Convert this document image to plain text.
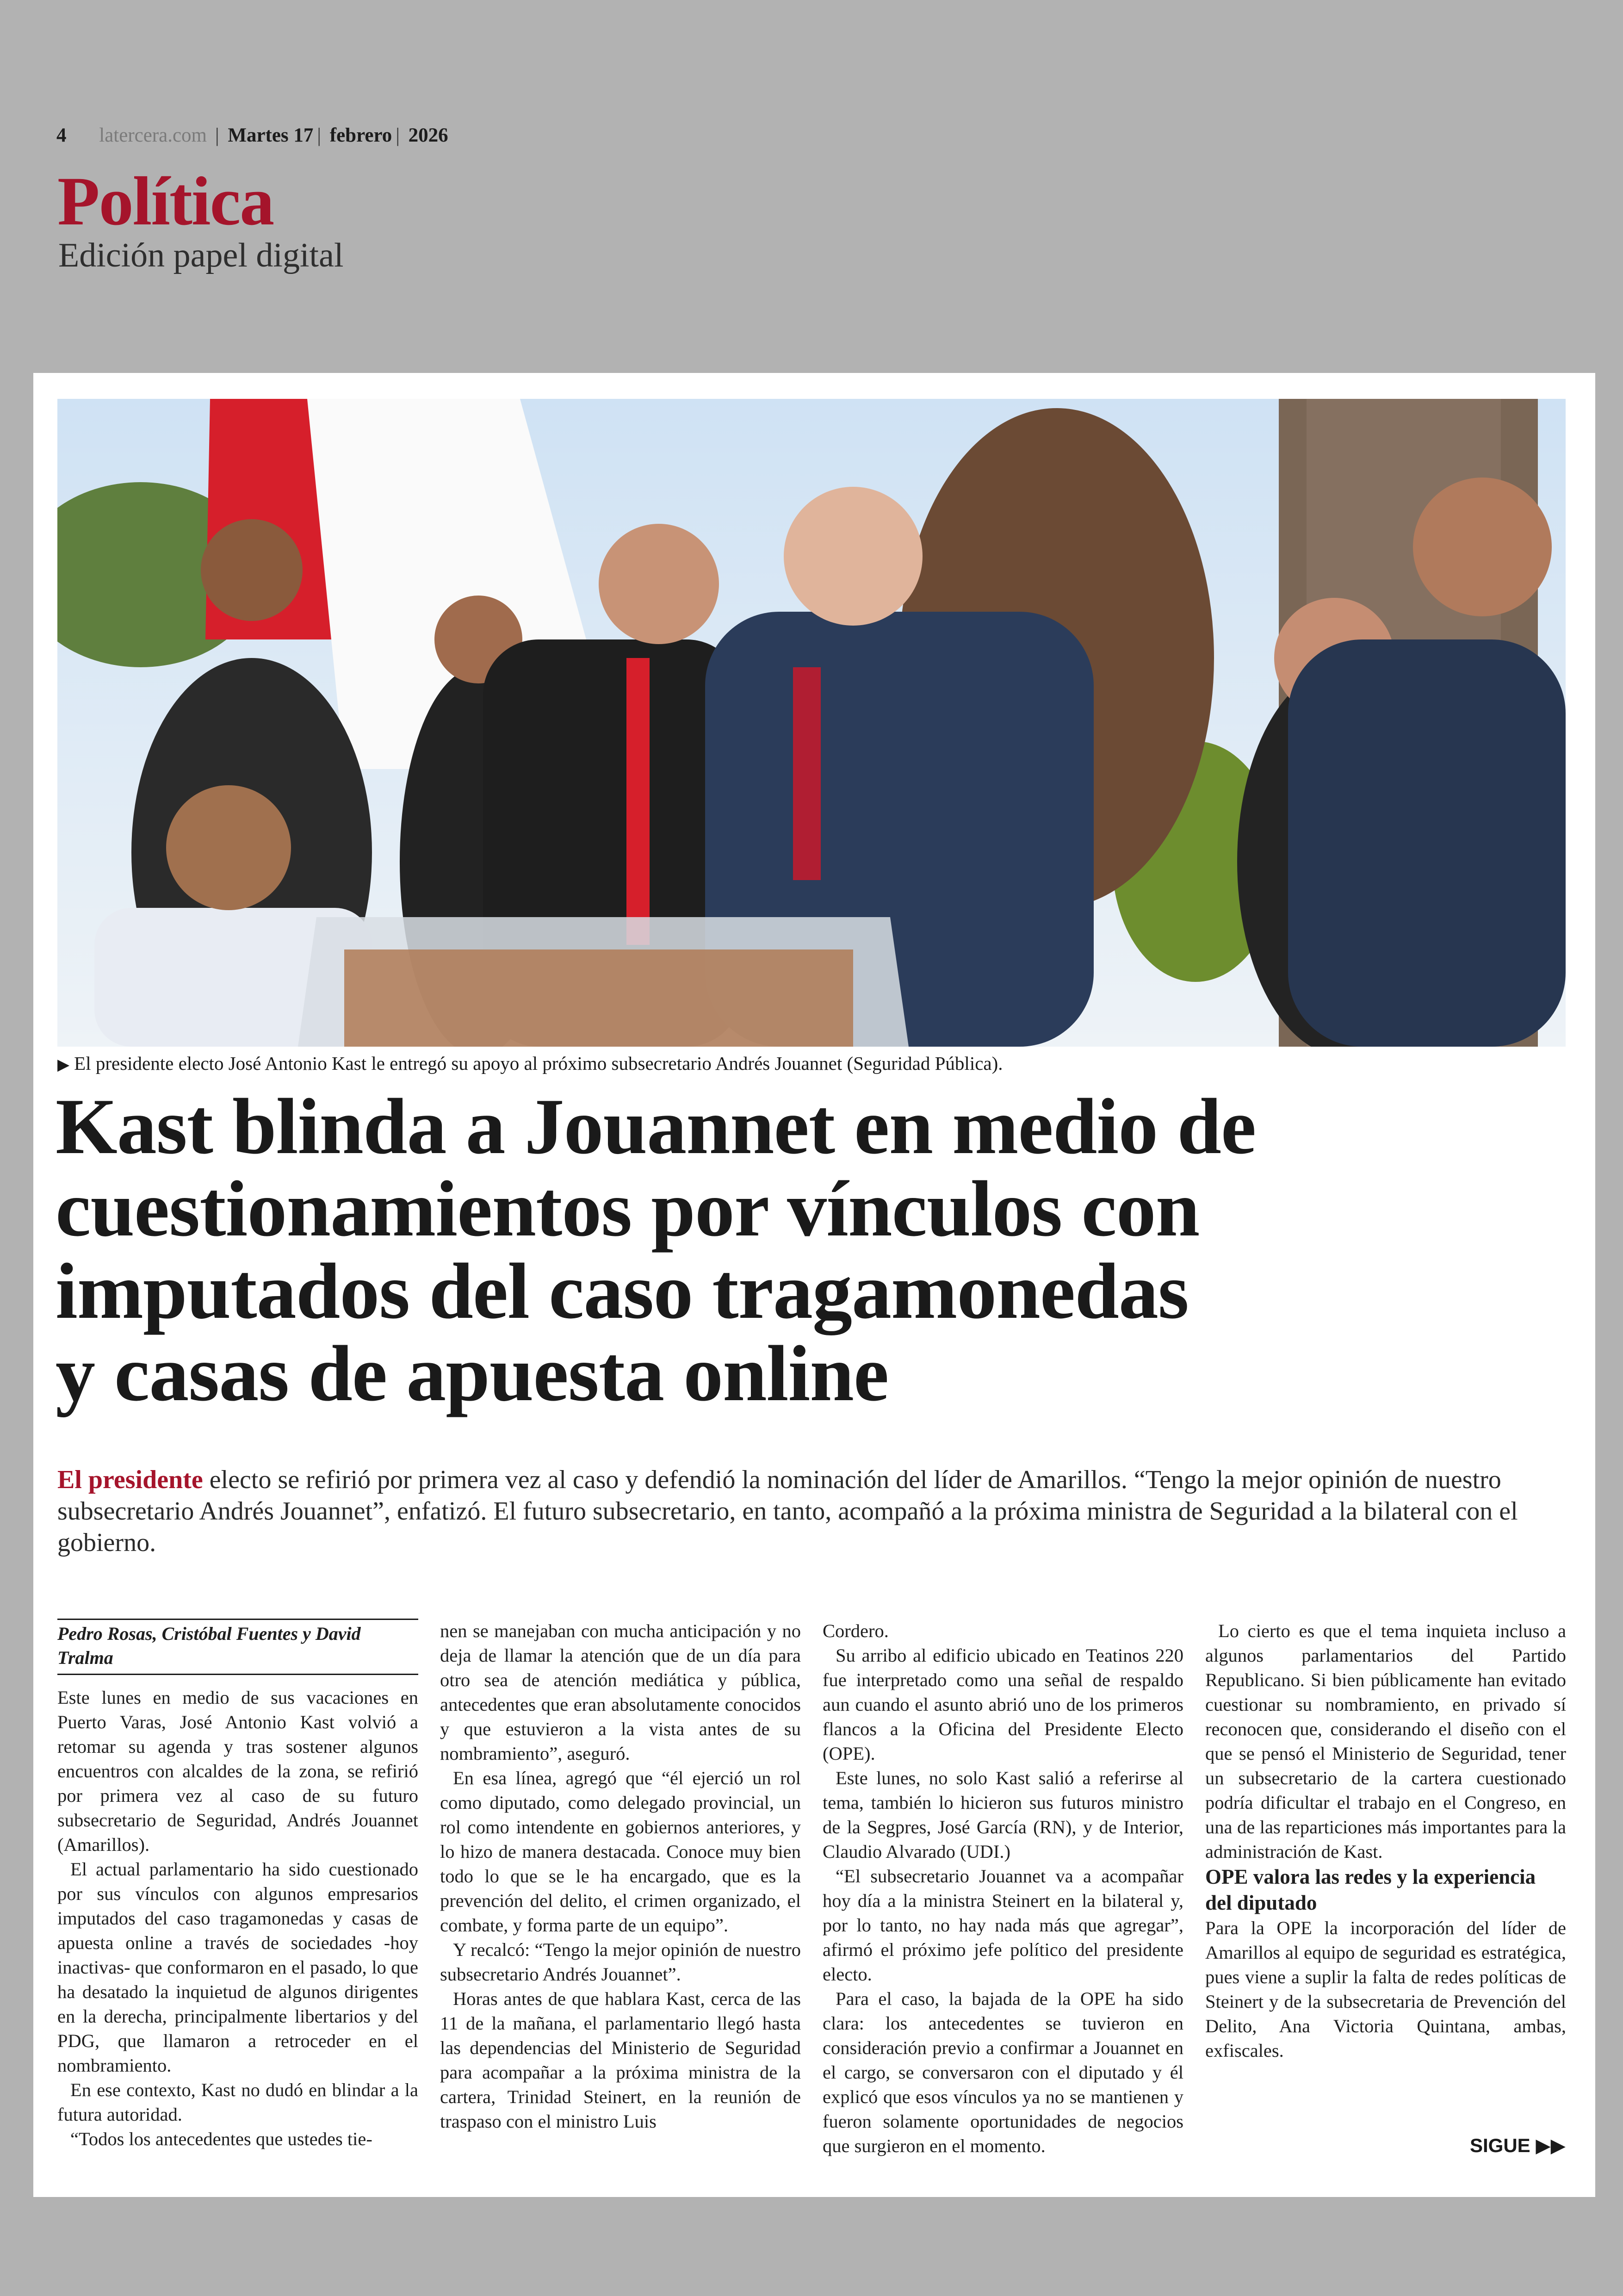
4 latercera.com | Martes 17 | febrero | 2026
Política
Edición papel digital
▶ El presidente electo José Antonio Kast le entregó su apoyo al próximo subsecretario Andrés Jouannet (Seguridad Pública).
Kast blinda a Jouannet en medio de
cuestionamientos por vínculos con
imputados del caso tragamonedas
y casas de apuesta online
El presidente electo se refirió por primera vez al caso y defendió la nominación del líder de Amarillos. “Tengo la mejor opinión de nuestro subsecretario Andrés Jouannet”, enfatizó. El futuro subsecretario, en tanto, acompañó a la próxima ministra de Seguridad a la bilateral con el gobierno.
Pedro Rosas, Cristóbal Fuentes y David Tralma

Este lunes en medio de sus vacaciones en Puerto Varas, José Antonio Kast volvió a retomar su agenda y tras sostener algunos encuentros con alcaldes de la zona, se refirió por primera vez al caso de su futuro subsecretario de Seguridad, Andrés Jouannet (Amarillos).

El actual parlamentario ha sido cuestionado por sus vínculos con algunos empresarios imputados del caso tragamonedas y casas de apuesta online a través de sociedades -hoy inactivas- que conformaron en el pasado, lo que ha desatado la inquietud de algunos dirigentes en la derecha, principalmente libertarios y del PDG, que llamaron a retroceder en el nombramiento.

En ese contexto, Kast no dudó en blindar a la futura autoridad.

“Todos los antecedentes que ustedes tie-

nen se manejaban con mucha anticipación y no deja de llamar la atención que de un día para otro sea de atención mediática y pública, antecedentes que eran absolutamente conocidos y que estuvieron a la vista antes de su nombramiento”, aseguró.

En esa línea, agregó que “él ejerció un rol como diputado, como delegado provincial, un rol como intendente en gobiernos anteriores, y lo hizo de manera destacada. Conoce muy bien todo lo que se le ha encargado, que es la prevención del delito, el crimen organizado, el combate, y forma parte de un equipo”.

Y recalcó: “Tengo la mejor opinión de nuestro subsecretario Andrés Jouannet”.

Horas antes de que hablara Kast, cerca de las 11 de la mañana, el parlamentario llegó hasta las dependencias del Ministerio de Seguridad para acompañar a la próxima ministra de la cartera, Trinidad Steinert, en la reunión de traspaso con el ministro Luis

Cordero.

Su arribo al edificio ubicado en Teatinos 220 fue interpretado como una señal de respaldo aun cuando el asunto abrió uno de los primeros flancos a la Oficina del Presidente Electo (OPE).

Este lunes, no solo Kast salió a referirse al tema, también lo hicieron sus futuros ministro de la Segpres, José García (RN), y de Interior, Claudio Alvarado (UDI.)

“El subsecretario Jouannet va a acompañar hoy día a la ministra Steinert en la bilateral y, por lo tanto, no hay nada más que agregar”, afirmó el próximo jefe político del presidente electo.

Para el caso, la bajada de la OPE ha sido clara: los antecedentes se tuvieron en consideración previo a confirmar a Jouannet en el cargo, se conversaron con el diputado y él explicó que esos vínculos ya no se mantienen y fueron solamente oportunidades de negocios que surgieron en el momento.

Lo cierto es que el tema inquieta incluso a algunos parlamentarios del Partido Republicano. Si bien públicamente han evitado cuestionar su nombramiento, en privado sí reconocen que, considerando el diseño con el que se pensó el Ministerio de Seguridad, tener un subsecretario de la cartera cuestionado podría dificultar el trabajo en el Congreso, en una de las reparticiones más importantes para la administración de Kast.

OPE valora las redes y la experiencia del diputado

Para la OPE la incorporación del líder de Amarillos al equipo de seguridad es estratégica, pues viene a suplir la falta de redes políticas de Steinert y de la subsecretaria de Prevención del Delito, Ana Victoria Quintana, ambas, exfiscales.

SIGUE ▶▶
